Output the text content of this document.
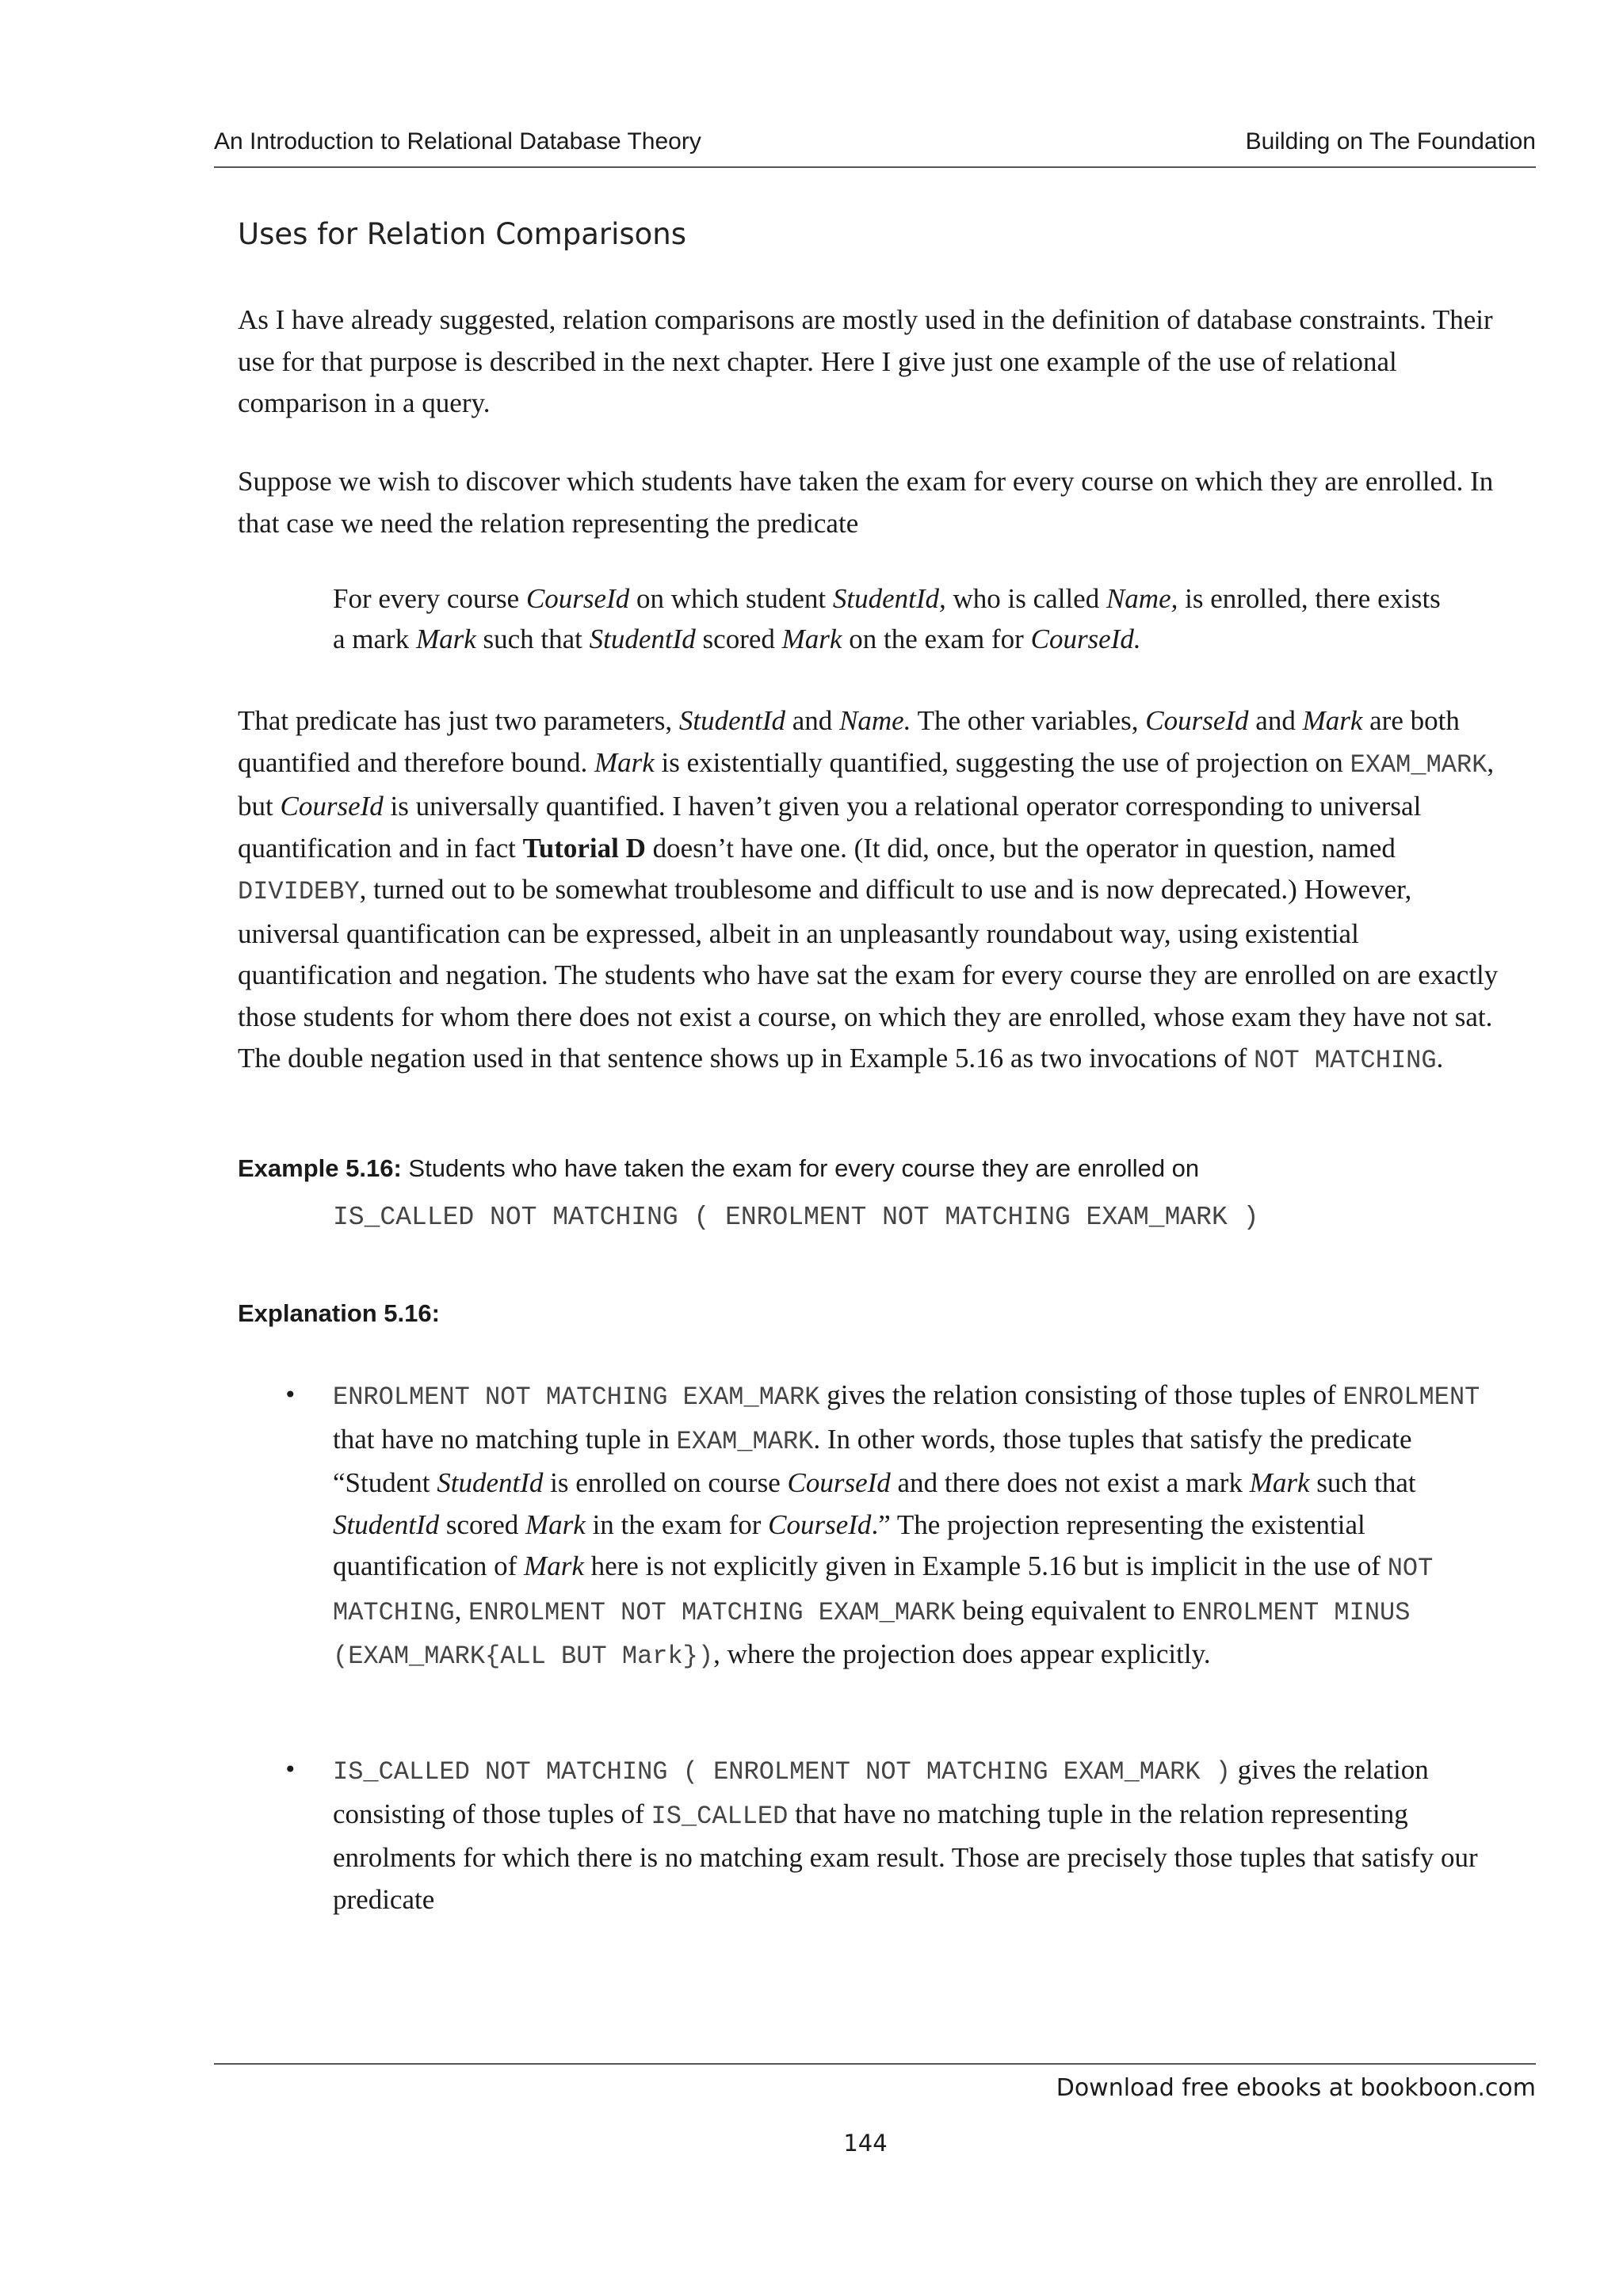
An Introduction to Relational Database Theory	Building on The Foundation
Uses for Relation Comparisons

As I have already suggested, relation comparisons are mostly used in the definition of database constraints. Their use for that purpose is described in the next chapter. Here I give just one example of the use of relational comparison in a query.

Suppose we wish to discover which students have taken the exam for every course on which they are enrolled. In that case we need the relation representing the predicate

For every course CourseId on which student StudentId, who is called Name, is enrolled, there exists a mark Mark such that StudentId scored Mark on the exam for CourseId.

That predicate has just two parameters, StudentId and Name. The other variables, CourseId and Mark are both quantified and therefore bound. Mark is existentially quantified, suggesting the use of projection on EXAM_MARK, but CourseId is universally quantified. I haven’t given you a relational operator corresponding to universal quantification and in fact Tutorial D doesn’t have one. (It did, once, but the operator in question, named DIVIDEBY, turned out to be somewhat troublesome and difficult to use and is now deprecated.) However, universal quantification can be expressed, albeit in an unpleasantly roundabout way, using existential quantification and negation. The students who have sat the exam for every course they are enrolled on are exactly those students for whom there does not exist a course, on which they are enrolled, whose exam they have not sat. The double negation used in that sentence shows up in Example 5.16 as two invocations of NOT MATCHING.

Example 5.16: Students who have taken the exam for every course they are enrolled on

IS_CALLED NOT MATCHING ( ENROLMENT NOT MATCHING EXAM_MARK )

Explanation 5.16:

• ENROLMENT NOT MATCHING EXAM_MARK gives the relation consisting of those tuples of ENROLMENT that have no matching tuple in EXAM_MARK. In other words, those tuples that satisfy the predicate “Student StudentId is enrolled on course CourseId and there does not exist a mark Mark such that StudentId scored Mark in the exam for CourseId.” The projection representing the existential quantification of Mark here is not explicitly given in Example 5.16 but is implicit in the use of NOT MATCHING, ENROLMENT NOT MATCHING EXAM_MARK being equivalent to ENROLMENT MINUS (EXAM_MARK{ALL BUT Mark}), where the projection does appear explicitly.

• IS_CALLED NOT MATCHING ( ENROLMENT NOT MATCHING EXAM_MARK ) gives the relation consisting of those tuples of IS_CALLED that have no matching tuple in the relation representing enrolments for which there is no matching exam result. Those are precisely those tuples that satisfy our predicate

Download free ebooks at bookboon.com
144
